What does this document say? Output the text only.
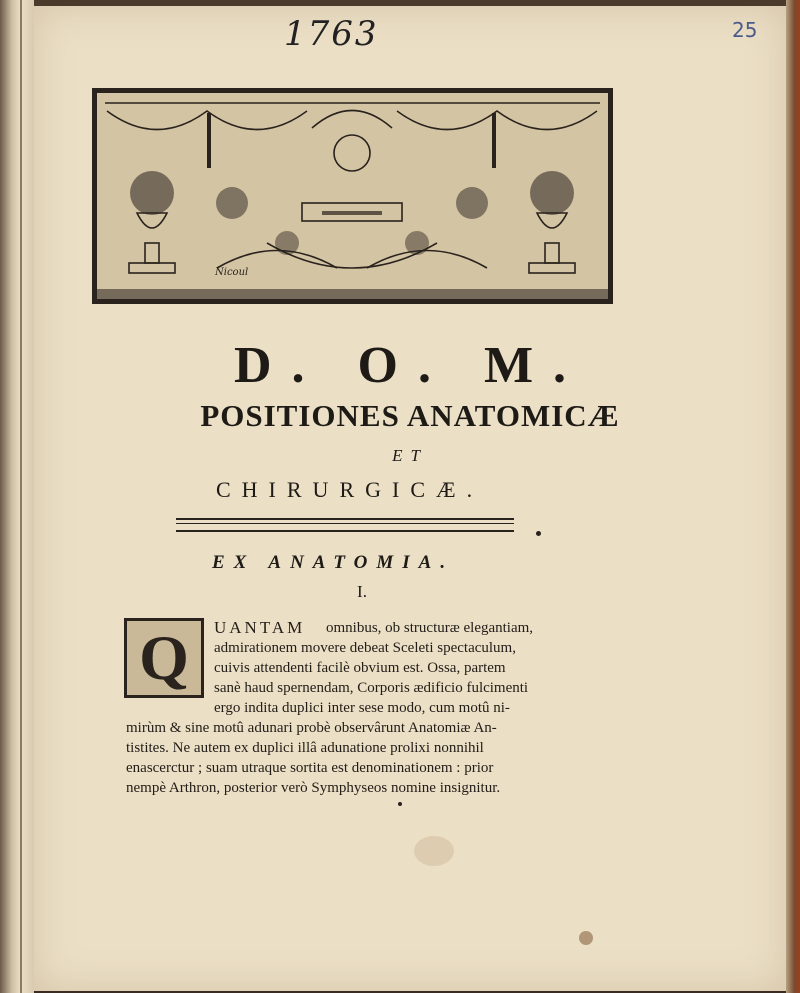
1763	25
Nicoul
D. O. M.
POSITIONES ANATOMICÆ
ET
CHIRURGICÆ.
EX ANATOMIA.
I.
Q	UANTAM omnibus, ob structuræ elegantiam,
admirationem movere debeat Sceleti spectaculum,
cuivis attendenti facilè obvium est. Ossa, partem
sanè haud spernendam, Corporis ædificio fulcimenti
ergo indita duplici inter sese modo, cum motû ni-
mirùm & sine motû adunari probè observârunt Anatomiæ An-
tistites. Ne autem ex duplici illâ adunatione prolixi nonnihil
enascerctur ; suam utraque sortita est denominationem : prior
nempè Arthron, posterior verò Symphyseos nomine insignitur.
